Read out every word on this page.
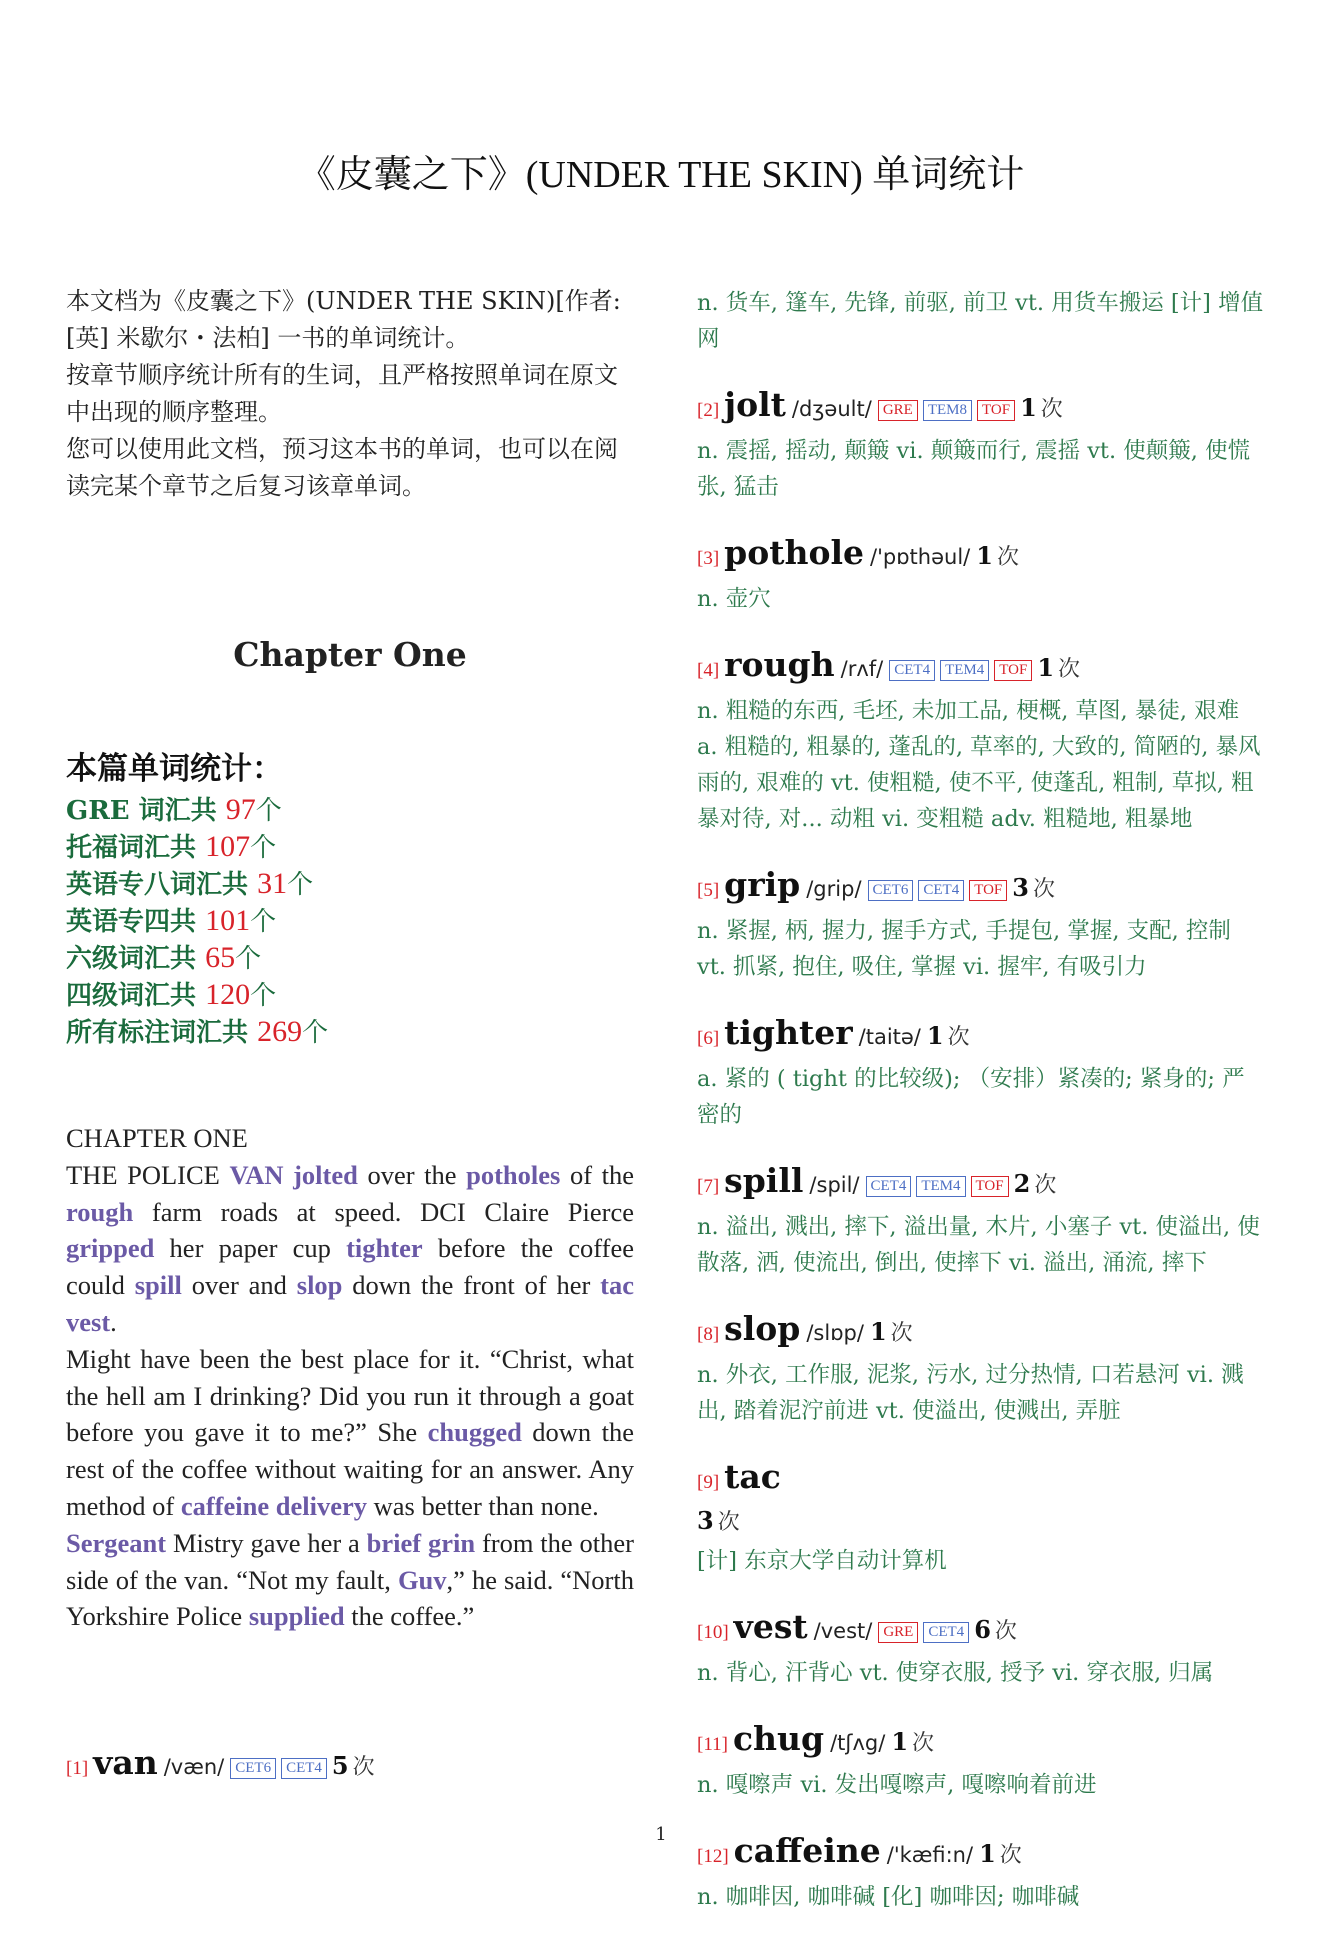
《皮囊之下》(UNDER THE SKIN) 单词统计

本文档为《皮囊之下》(UNDER THE SKIN)[作者: [英] 米歇尔・法柏] 一书的单词统计。

按章节顺序统计所有的生词，且严格按照单词在原文中出现的顺序整理。

您可以使用此文档，预习这本书的单词，也可以在阅读完某个章节之后复习该章单词。

Chapter One

本篇单词统计：

GRE 词汇共 97个

托福词汇共 107个

英语专八词汇共 31个

英语专四共 101个

六级词汇共 65个

四级词汇共 120个

所有标注词汇共 269个

CHAPTER ONE

THE POLICE VAN jolted over the potholes of the rough farm roads at speed. DCI Claire Pierce gripped her paper cup tighter before the coffee could spill over and slop down the front of her tac vest.

Might have been the best place for it. “Christ, what the hell am I drinking? Did you run it through a goat before you gave it to me?” She chugged down the rest of the coffee without waiting for an answer. Any method of caffeine delivery was better than none.

Sergeant Mistry gave her a brief grin from the other side of the van. “Not my fault, Guv,” he said. “North Yorkshire Police supplied the coffee.”

[1] van /væn/ CET6	CET4 5 次

n. 货车, 篷车, 先锋, 前驱, 前卫 vt. 用货车搬运 [计] 增值网

[2] jolt /dʒəult/ GRE	TEM8	TOF 1 次

n. 震摇, 摇动, 颠簸 vi. 颠簸而行, 震摇 vt. 使颠簸, 使慌张, 猛击

[3] pothole /'pɒthəul/ 1 次

n. 壶穴

[4] rough /rʌf/ CET4	TEM4	TOF 1 次

n. 粗糙的东西, 毛坯, 未加工品, 梗概, 草图, 暴徒, 艰难 a. 粗糙的, 粗暴的, 蓬乱的, 草率的, 大致的, 简陋的, 暴风雨的, 艰难的 vt. 使粗糙, 使不平, 使蓬乱, 粗制, 草拟, 粗暴对待, 对... 动粗 vi. 变粗糙 adv. 粗糙地, 粗暴地

[5] grip /grip/ CET6	CET4	TOF 3 次

n. 紧握, 柄, 握力, 握手方式, 手提包, 掌握, 支配, 控制 vt. 抓紧, 抱住, 吸住, 掌握 vi. 握牢, 有吸引力

[6] tighter /taitə/ 1 次

a. 紧的 ( tight 的比较级); （安排）紧凑的; 紧身的; 严密的

[7] spill /spil/ CET4	TEM4	TOF 2 次

n. 溢出, 溅出, 摔下, 溢出量, 木片, 小塞子 vt. 使溢出, 使散落, 洒, 使流出, 倒出, 使摔下 vi. 溢出, 涌流, 摔下

[8] slop /slɒp/ 1 次

n. 外衣, 工作服, 泥浆, 污水, 过分热情, 口若悬河 vi. 溅出, 踏着泥泞前进 vt. 使溢出, 使溅出, 弄脏

[9] tac
3 次

[计] 东京大学自动计算机

[10] vest /vest/ GRE	CET4 6 次

n. 背心, 汗背心 vt. 使穿衣服, 授予 vi. 穿衣服, 归属

[11] chug /tʃʌg/ 1 次

n. 嘎嚓声 vi. 发出嘎嚓声, 嘎嚓响着前进

[12] caffeine /'kæfi:n/ 1 次

n. 咖啡因, 咖啡碱 [化] 咖啡因; 咖啡碱

1
